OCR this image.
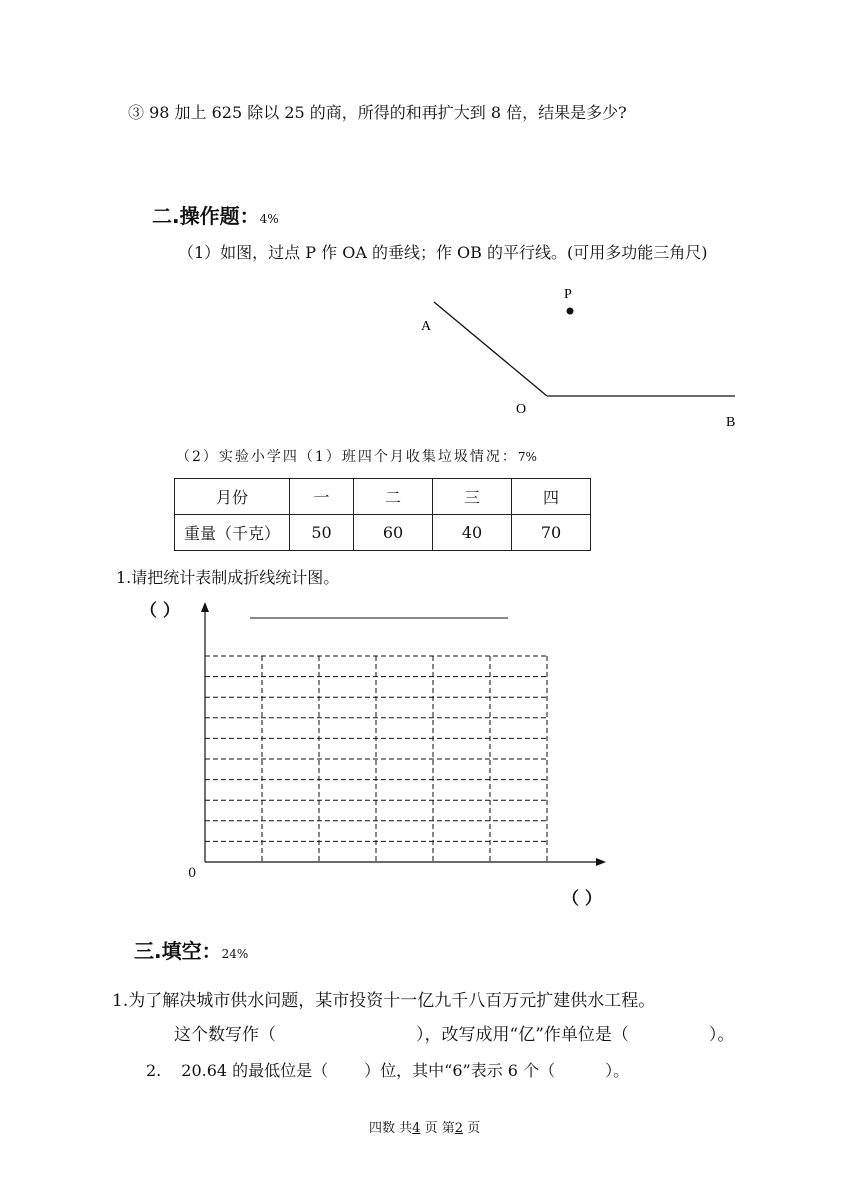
③ 98 加上 625 除以 25 的商，所得的和再扩大到 8 倍，结果是多少?
二.操作题：4%
（1）如图，过点 P 作 OA 的垂线；作 OB 的平行线。(可用多功能三角尺)
P
A
O
B
（2）实验小学四（1）班四个月收集垃圾情况：7%
月份	一	二	三	四
重量（千克）	50	60	40	70
1.请把统计表制成折线统计图。
（ ）
（ ）
0
三.填空：24%
1.为了解决城市供水问题，某市投资十一亿九千八百万元扩建供水工程。
这个数写作（	），改写成用“亿”作单位是（	）。
2. 20.64 的最低位是（ ）位，其中“6”表示 6 个（	）。
四数 共4 页 第2 页
